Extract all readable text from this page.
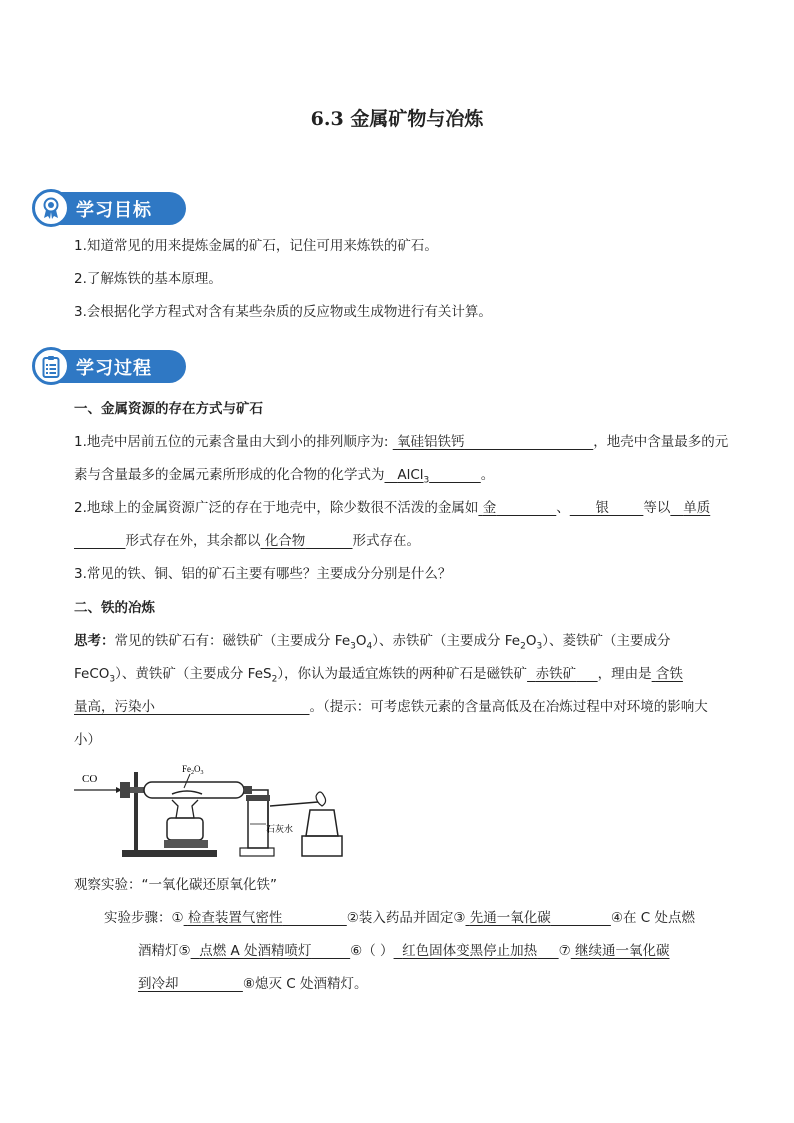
6.3 金属矿物与冶炼
学习目标
1.知道常见的用来提炼金属的矿石，记住可用来炼铁的矿石。
2.了解炼铁的基本原理。
3.会根据化学方程式对含有某些杂质的反应物或生成物进行有关计算。
学习过程
一、金属资源的存在方式与矿石
1.地壳中居前五位的元素含量由大到小的排列顺序为:  氧硅铝铁钙	，地壳中含量最多的元
素与含量最多的金属元素所形成的化合物的化学式为 AlCl$_3$	。
2.地球上的金属资源广泛的存在于地壳中，除少数很不活泼的金属如 金	、 银	等以 单质
形式存在外，其余都以 化合物	形式存在。
3.常见的铁、铜、铝的矿石主要有哪些？主要成分分别是什么？
二、铁的冶炼
思考：常见的铁矿石有：磁铁矿（主要成分 $Fe_3O_4$）、赤铁矿（主要成分 $Fe_2O_3$）、菱铁矿（主要成分
FeCO$_3$）、黄铁矿（主要成分 FeS$_2$），你认为最适宜炼铁的两种矿石是磁铁矿 赤铁矿 ，理由是 含铁
量高，污染小	。（提示：可考虑铁元素的含量高低及在冶炼过程中对环境的影响大
小）
CO
$Fe_2O_3$
石灰水
观察实验：“一氧化碳还原氧化铁”
实验步骤：① 检查装置气密性	②装入药品并固定③ 先通一氧化碳	④在 C 处点燃
酒精灯⑤ 点燃 A 处酒精喷灯	⑥（ ） 红色固体变黑停止加热 ⑦ 继续通一氧化碳
到冷却	⑧熄灭 C 处酒精灯。
